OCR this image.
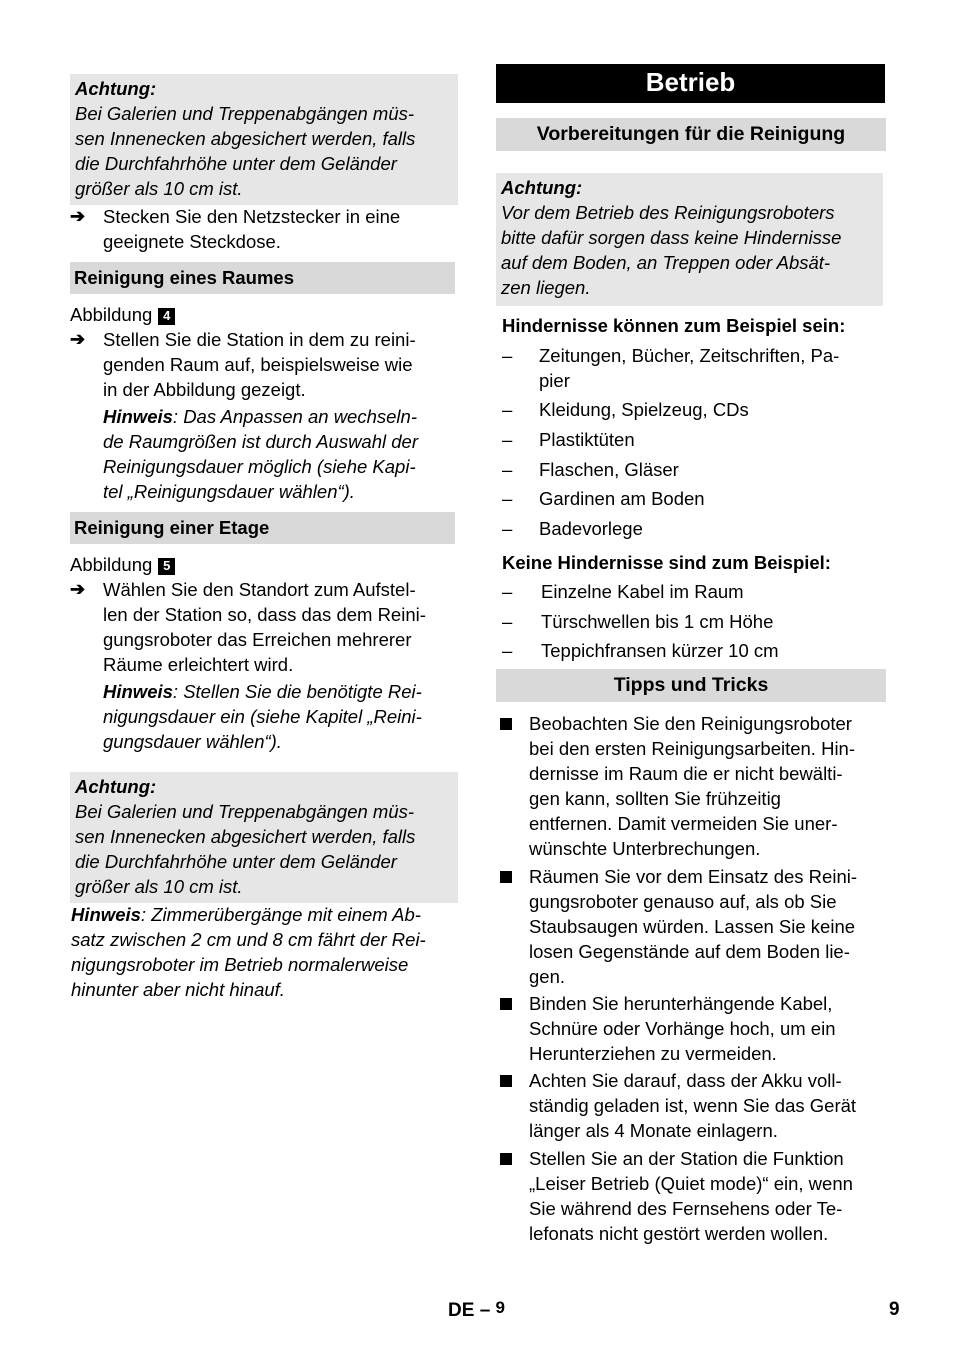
Achtung:
Bei Galerien und Treppenabgängen müs-
sen Innenecken abgesichert werden, falls
die Durchfahrhöhe unter dem Geländer
größer als 10 cm ist.
➔ Stecken Sie den Netzstecker in eine
geeignete Steckdose.
Reinigung eines Raumes
Abbildung 4
➔ Stellen Sie die Station in dem zu reini-
genden Raum auf, beispielsweise wie
in der Abbildung gezeigt.
Hinweis: Das Anpassen an wechseln-
de Raumgrößen ist durch Auswahl der
Reinigungsdauer möglich (siehe Kapi-
tel „Reinigungsdauer wählen“).
Reinigung einer Etage
Abbildung 5
➔ Wählen Sie den Standort zum Aufstel-
len der Station so, dass das dem Reini-
gungsroboter das Erreichen mehrerer
Räume erleichtert wird.
Hinweis: Stellen Sie die benötigte Rei-
nigungsdauer ein (siehe Kapitel „Reini-
gungsdauer wählen“).
Achtung:
Bei Galerien und Treppenabgängen müs-
sen Innenecken abgesichert werden, falls
die Durchfahrhöhe unter dem Geländer
größer als 10 cm ist.
Hinweis: Zimmerübergänge mit einem Ab-
satz zwischen 2 cm und 8 cm fährt der Rei-
nigungsroboter im Betrieb normalerweise
hinunter aber nicht hinauf.
Betrieb
Vorbereitungen für die Reinigung
Achtung:
Vor dem Betrieb des Reinigungsroboters
bitte dafür sorgen dass keine Hindernisse
auf dem Boden, an Treppen oder Absät-
zen liegen.
Hindernisse können zum Beispiel sein:
– Zeitungen, Bücher, Zeitschriften, Pa-
pier
– Kleidung, Spielzeug, CDs
– Plastiktüten
– Flaschen, Gläser
– Gardinen am Boden
– Badevorlege
Keine Hindernisse sind zum Beispiel:
– Einzelne Kabel im Raum
– Türschwellen bis 1 cm Höhe
– Teppichfransen kürzer 10 cm
Tipps und Tricks
Beobachten Sie den Reinigungsroboter
bei den ersten Reinigungsarbeiten. Hin-
dernisse im Raum die er nicht bewälti-
gen kann, sollten Sie frühzeitig
entfernen. Damit vermeiden Sie uner-
wünschte Unterbrechungen.
Räumen Sie vor dem Einsatz des Reini-
gungsroboter genauso auf, als ob Sie
Staubsaugen würden. Lassen Sie keine
losen Gegenstände auf dem Boden lie-
gen.
Binden Sie herunterhängende Kabel,
Schnüre oder Vorhänge hoch, um ein
Herunterziehen zu vermeiden.
Achten Sie darauf, dass der Akku voll-
ständig geladen ist, wenn Sie das Gerät
länger als 4 Monate einlagern.
Stellen Sie an der Station die Funktion
„Leiser Betrieb (Quiet mode)“ ein, wenn
Sie während des Fernsehens oder Te-
lefonats nicht gestört werden wollen.
DE – 9	9
